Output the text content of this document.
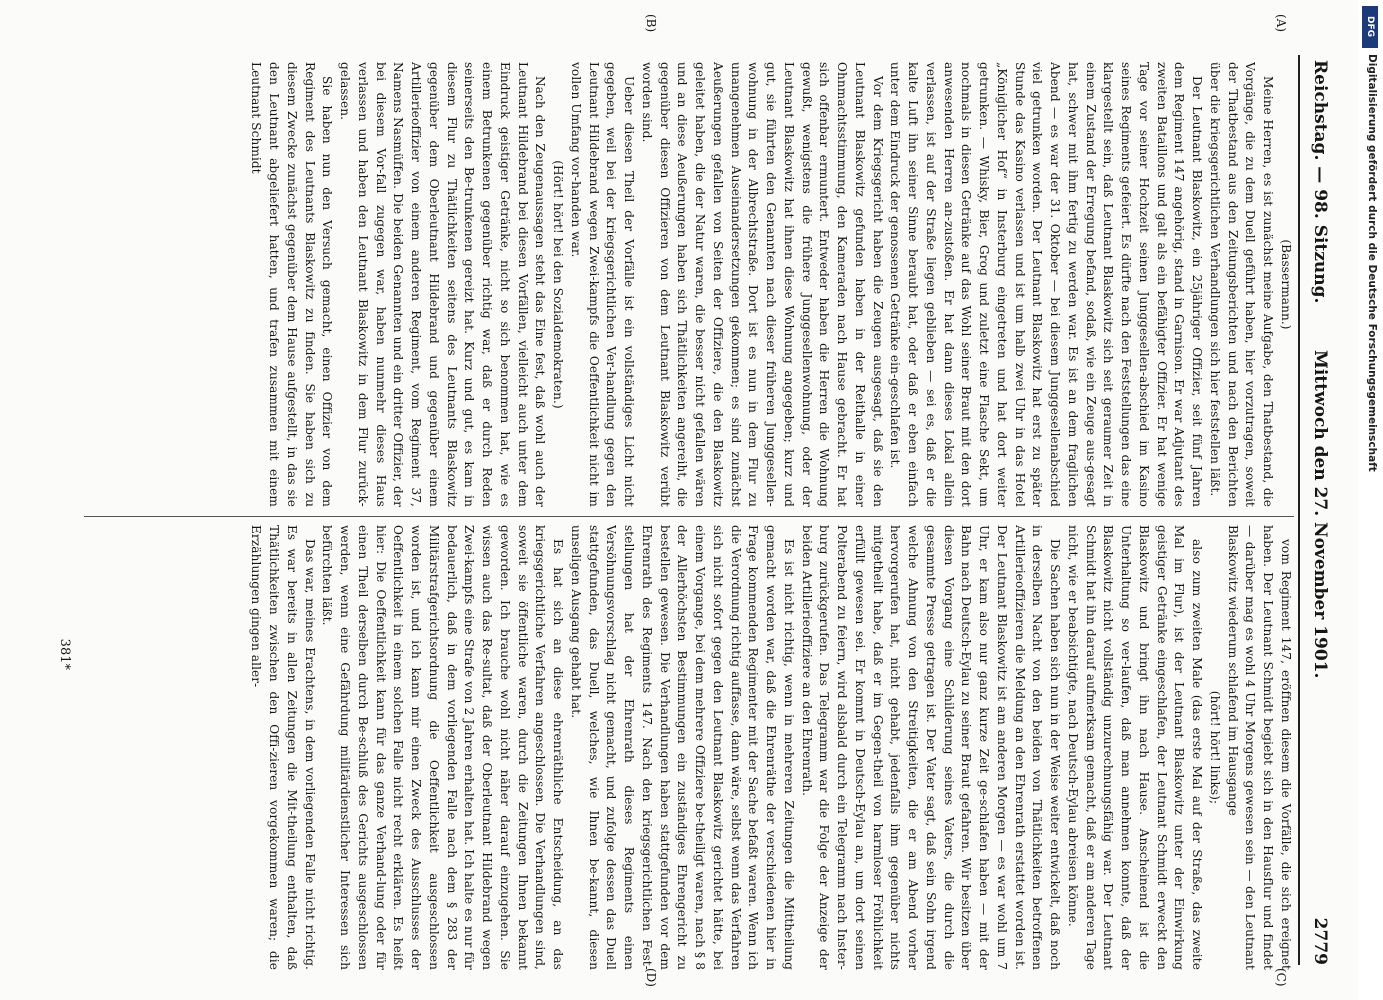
Reichstag. — 98. Sitzung.
Mittwoch den 27. November 1901.
2779

(Bassermann.)

Meine Herren, es ist zunächst meine Aufgabe, den Thatbestand, die Vorgänge, die zu dem Duell geführt haben, hier vorzutragen, soweit der Thatbestand aus den Zeitungsberichten und nach den Berichten über die kriegsgerichtlichen Verhandlungen sich hier feststellen läßt.

Der Leutnant Blaskowitz, ein 25jähriger Offizier, seit fünf Jahren dem Regiment 147 angehörig, stand in Garnison. Er war Adjutant des zweiten Bataillons und galt als ein befähigter Offizier. Er hat wenige Tage vor seiner Hochzeit seinen Junggesellen-abschied im Kasino seines Regiments gefeiert. Es dürfte nach den Feststellungen das eine klargestellt sein, daß Leutnant Blaskowitz sich seit geraumer Zeit in einem Zustand der Erregung befand, sodaß, wie ein Zeuge aus-gesagt hat, schwer mit ihm fertig zu werden war. Es ist an dem fraglichen Abend — es war der 31. Oktober — bei diesem Junggesellenabschied viel getrunken worden. Der Leutnant Blaskowitz hat erst zu später Stunde das Kasino verlassen und ist um halb zwei Uhr in das Hotel „Königlicher Hof“ in Insterburg eingetreten und hat dort weiter getrunken. — Whisky, Bier, Grog und zuletzt eine Flasche Sekt, um nochmals in diesen Getränke auf das Wohl seiner Braut mit den dort anwesenden Herren an-zustoßen. Er hat dann dieses Lokal allein verlassen, ist auf der Straße liegen geblieben — sei es, daß er die kalte Luft ihn seiner Sinne beraubt hat, oder daß er eben einfach unter dem Eindruck der genossenen Getränke ein-geschlafen ist.

Vor dem Kriegsgericht haben die Zeugen ausgesagt, daß sie den Leutnant Blaskowitz gefunden haben in der Reithalle in einer Ohnmachtsstimmung, den Kameraden nach Hause gebracht. Er hat sich offenbar ermuntert. Entweder haben die Herren die Wohnung gewußt, wenigstens die frühere Junggesellenwohnung, oder der Leutnant Blaskowitz hat ihnen diese Wohnung angegeben; kurz und gut, sie führten den Genannten nach dieser früheren Junggesellen-wohnung in der Albrechtstraße. Dort ist es nun in dem Flur zu unangenehmen Auseinandersetzungen gekommen; es sind zunächst Aeußerungen gefallen von Seiten der Offiziere, die den Blaskowitz geleitet haben, die der Natur waren, die besser nicht gefallen wären und an diese Aeußerungen haben sich Thätlichkeiten angereiht, die gegenüber diesen Offizieren von dem Leutnant Blaskowitz verübt worden sind.

Ueber diesen Theil der Vorfälle ist ein vollständiges Licht nicht gegeben, weil bei der kriegsgerichtlichen Ver-handlung gegen den Leutnant Hildebrand wegen Zwei-kampfs die Oeffentlichkeit nicht im vollen Umfang vor-handen war.

(Hört! hört! bei den Sozialdemokraten.)

Nach den Zeugenaussagen steht das Eine fest, daß wohl auch der Leutnant Hildebrand bei diesen Vorfällen, vielleicht auch unter dem Eindruck geistiger Getränke, nicht so sich benommen hat, wie es einem Betrunkenen gegenüber richtig war, daß er durch Reden seinerseits den Be-trunkenen gereizt hat. Kurz und gut, es kam in diesem Flur zu Thätlichkeiten seitens des Leutnants Blaskowitz gegenüber dem Oberleutnant Hildebrand und gegenüber einem Artillerieoffizier von einem anderen Regiment, vom Regiment 37, Namens Nasmüffen. Die beiden Genannten und ein dritter Offizier, der bei diesem Vor-fall zugegen war, haben nunmehr dieses Haus verlassen und haben den Leutnant Blaskowitz in dem Flur zurück-gelassen.

Sie haben nun den Versuch gemacht, einen Offizier von dem Regiment des Leutnants Blaskowitz zu finden. Sie haben sich zu diesem Zwecke zunächst gegenüber dem Hause aufgestellt, in das sie den Leutnant abgeliefert hatten, und trafen zusammen mit einem Leutnant Schmidt

vom Regiment 147, eröffnen diesem die Vorfälle, die sich ereignet haben. Der Leutnant Schmidt begiebt sich in den Hausflur und findet — darüber mag es wohl 4 Uhr Morgens gewesen sein — den Leutnant Blaskowitz wiederum schlafend im Hausgange

(hört! hört! links);

also zum zweiten Male (das erste Mal auf der Straße, das zweite Mal im Flur), ist der Leutnant Blaskowitz unter der Einwirkung geistiger Getränke eingeschlafen, der Leutnant Schmidt erweckt den Blaskowitz und bringt ihn nach Hause. Anscheinend ist die Unterhaltung so ver-laufen, daß man annehmen konnte, daß der Blaskowitz nicht vollständig unzurechnungsfähig war. Der Leutnant Schmidt hat ihn darauf aufmerksam gemacht, daß er am anderen Tage nicht, wie er beabsichtigte, nach Deutsch-Eylau abreisen könne.

Die Sachen haben sich nun in der Weise weiter entwickelt, daß noch in derselben Nacht von den beiden von Thätlichkeiten betroffenen Artillerieoffizieren die Meldung an den Ehrenrath erstattet worden ist. Der Leutnant Blaskowitz ist am anderen Morgen — es war wohl um 7 Uhr, er kam also nur ganz kurze Zeit ge-schlafen haben — mit der Bahn nach Deutsch-Eylau zu seiner Braut gefahren. Wir besitzen über diesen Vorgang eine Schilderung seines Vaters, die durch die gesammte Presse getragen ist. Der Vater sagt, daß sein Sohn irgend welche Ahnung von den Streitigkeiten, die er am Abend vorher hervorgerufen hat, nicht gehabt, jedenfalls ihm gegenüber nichts mitgetheilt habe, daß er im Gegen-theil von harmloser Fröhlichkeit erfüllt gewesen sei. Er kommt in Deutsch-Eylau an, um dort seinen Polterabend zu feiern, wird alsbald durch ein Telegramm nach Inster-burg zurückgerufen. Das Telegramm war die Folge der Anzeige der beiden Artillerieoffiziere an den Ehrenrath.

Es ist nicht richtig, wenn in mehreren Zeitungen die Mittheilung gemacht worden war, daß die Ehrenräthe der verschiedenen hier in Frage kommenden Regimenter mit der Sache befaßt waren. Wenn ich die Verordnung richtig auffasse, dann wäre, selbst wenn das Verfahren sich nicht sofort gegen den Leutnant Blaskowitz gerichtet hätte, bei einem Vorgange, bei dem mehrere Offiziere be-theiligt waren, nach § 8 der Allerhöchsten Bestimmungen ein zuständiges Ehrengericht zu bestellen gewesen. Die Verhandlungen haben stattgefunden vor dem Ehrenrath des Regiments 147. Nach den kriegsgerichtlichen Fest-stellungen hat der Ehrenrath dieses Regiments einen Versöhnungsvorschlag nicht gemacht, und zufolge dessen das Duell stattgefunden, das Duell, welches, wie Ihnen be-kannt, diesen unseligen Ausgang gehabt hat.

Es hat sich an diese ehrenräthliche Entscheidung, an das kriegsgerichtliche Verfahren angeschlossen. Die Verhandlungen sind, soweit sie öffentliche waren, durch die Zeitungen Ihnen bekannt geworden. Ich brauche wohl nicht näher darauf einzugehen. Sie wissen auch das Re-sultat, daß der Oberleutnant Hildebrand wegen Zwei-kampfs eine Strafe von 2 Jahren erhalten hat. Ich halte es nur für bedauerlich, daß in dem vorliegenden Falle nach dem § 283 der Militärstrafgerichtsordnung die Oeffentlichkeit ausgeschlossen worden ist, und ich kann mir einen Zweck des Ausschlusses der Oeffentlichkeit in einem solchen Falle nicht recht erklären. Es heißt hier: Die Oeffentlichkeit kann für das ganze Verhand-lung oder für einen Theil derselben durch Be-schluß des Gerichts ausgeschlossen werden, wenn eine Gefährdung militärdienstlicher Interessen sich befürchten läßt.

Das war, meines Erachtens, in dem vorliegenden Falle nicht richtig. Es war bereits in allen Zeitungen die Mit-theilung enthalten, daß Thätlichkeiten zwischen den Offi-zieren vorgekommen waren; die Erzählungen gingen aller-

(A)
(B)
(C)
(D)
381*
DFG
Digitalisierung gefördert durch die Deutsche Forschungsgemeinschaft
